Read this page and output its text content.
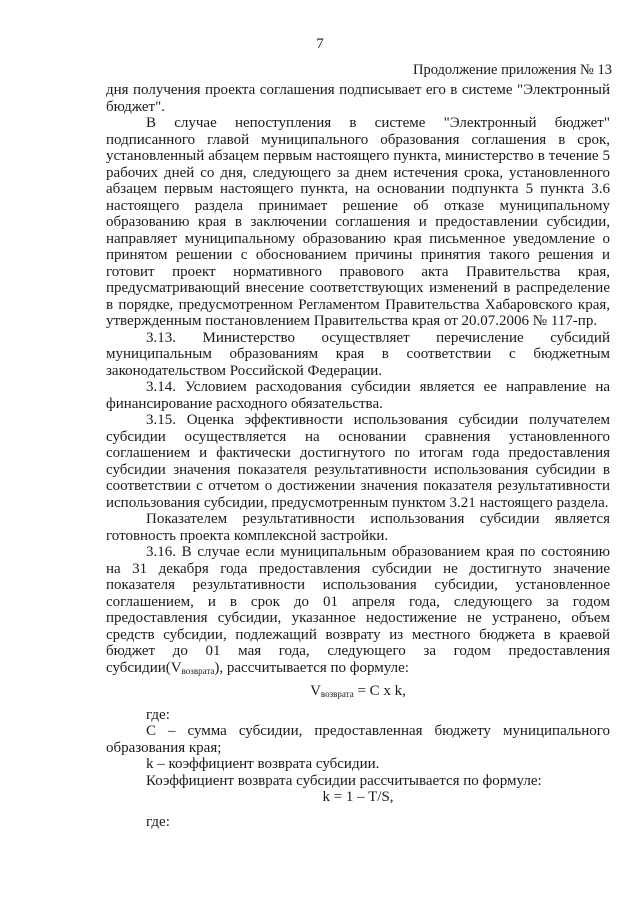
7
Продолжение приложения № 13

дня получения проекта соглашения подписывает его в системе "Электронный бюджет".

В случае непоступления в системе "Электронный бюджет" подписанного главой муниципального образования соглашения в срок, установленный абзацем первым настоящего пункта, министерство в течение 5 рабочих дней со дня, следующего за днем истечения срока, установленного абзацем первым настоящего пункта, на основании подпункта 5 пункта 3.6 настоящего раздела принимает решение об отказе муниципальному образованию края в заключении соглашения и предоставлении субсидии, направляет муниципальному образованию края письменное уведомление о принятом решении с обоснованием причины принятия такого решения и готовит проект нормативного правового акта Правительства края, предусматривающий внесение соответствующих изменений в распределение в порядке, предусмотренном Регламентом Правительства Хабаровского края, утвержденным постановлением Правительства края от 20.07.2006 № 117-пр.

3.13. Министерство осуществляет перечисление субсидий муниципальным образованиям края в соответствии с бюджетным законодательством Российской Федерации.

3.14. Условием расходования субсидии является ее направление на финансирование расходного обязательства.

3.15. Оценка эффективности использования субсидии получателем субсидии осуществляется на основании сравнения установленного соглашением и фактически достигнутого по итогам года предоставления субсидии значения показателя результативности использования субсидии в соответствии с отчетом о достижении значения показателя результативности использования субсидии, предусмотренным пунктом 3.21 настоящего раздела.

Показателем результативности использования субсидии является готовность проекта комплексной застройки.

3.16. В случае если муниципальным образованием края по состоянию на 31 декабря года предоставления субсидии не достигнуто значение показателя результативности использования субсидии, установленное соглашением, и в срок до 01 апреля года, следующего за годом предоставления субсидии, указанное недостижение не устранено, объем средств субсидии, подлежащий возврату из местного бюджета в краевой бюджет до 01 мая года, следующего за годом предоставления $субсидии(V_{возврата})$, рассчитывается по формуле:

$V_{возврата} = C$ x k,

где:

С – сумма субсидии, предоставленная бюджету муниципального образования края;

k – коэффициент возврата субсидии.

Коэффициент возврата субсидии рассчитывается по формуле:

k = 1 – T/S,

где:
